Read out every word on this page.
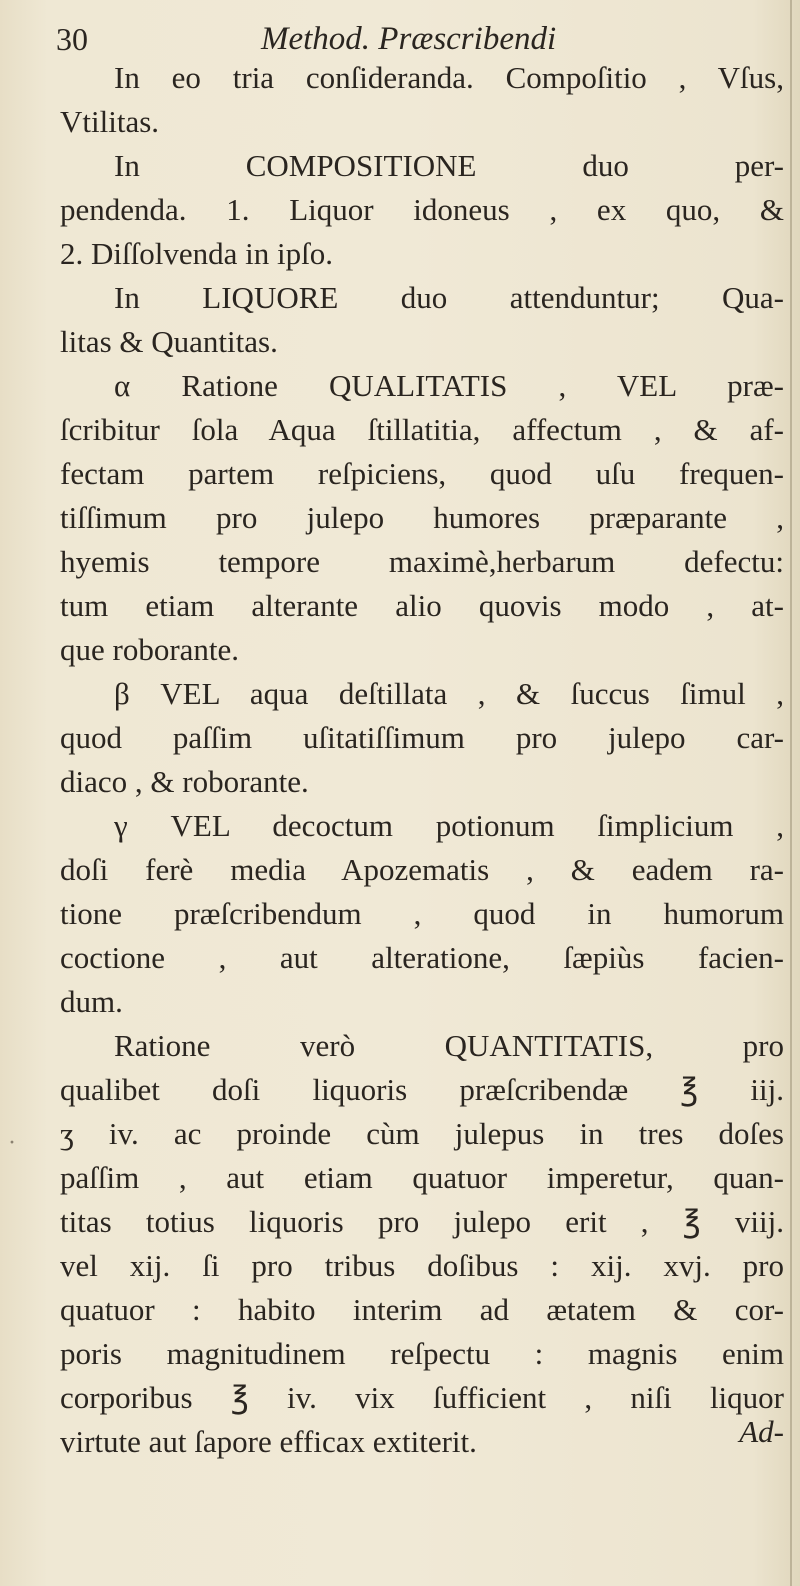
30	Method. Præscribendi
In eo tria conſideranda. Compoſitio , Vſus,
Vtilitas.
In COMPOSITIONE duo per-
pendenda. 1. Liquor idoneus , ex quo, &
2. Diſſolvenda in ipſo.
In LIQUORE duo attenduntur; Qua-
litas & Quantitas.
α Ratione QUALITATIS , VEL præ-
ſcribitur ſola Aqua ſtillatitia, affectum , & af-
fectam partem reſpiciens, quod uſu frequen-
tiſſimum pro julepo humores præparante ,
hyemis tempore maximè,herbarum defectu:
tum etiam alterante alio quovis modo , at-
que roborante.
β VEL aqua deſtillata , & ſuccus ſimul ,
quod paſſim uſitatiſſimum pro julepo car-
diaco , & roborante.
γ VEL decoctum potionum ſimplicium ,
doſi ferè media Apozematis , & eadem ra-
tione præſcribendum , quod in humorum
coctione , aut alteratione, ſæpiùs facien-
dum.
Ratione verò QUANTITATIS, pro
qualibet doſi liquoris præſcribendæ ℥ iij.
ʒ iv. ac proinde cùm julepus in tres doſes
paſſim , aut etiam quatuor imperetur, quan-
titas totius liquoris pro julepo erit , ℥ viij.
vel xij. ſi pro tribus doſibus : xij. xvj. pro
quatuor : habito interim ad ætatem & cor-
poris magnitudinem reſpectu : magnis enim
corporibus ℥ iv. vix ſufficient , niſi liquor
virtute aut ſapore efficax extiterit.	Ad-
·
